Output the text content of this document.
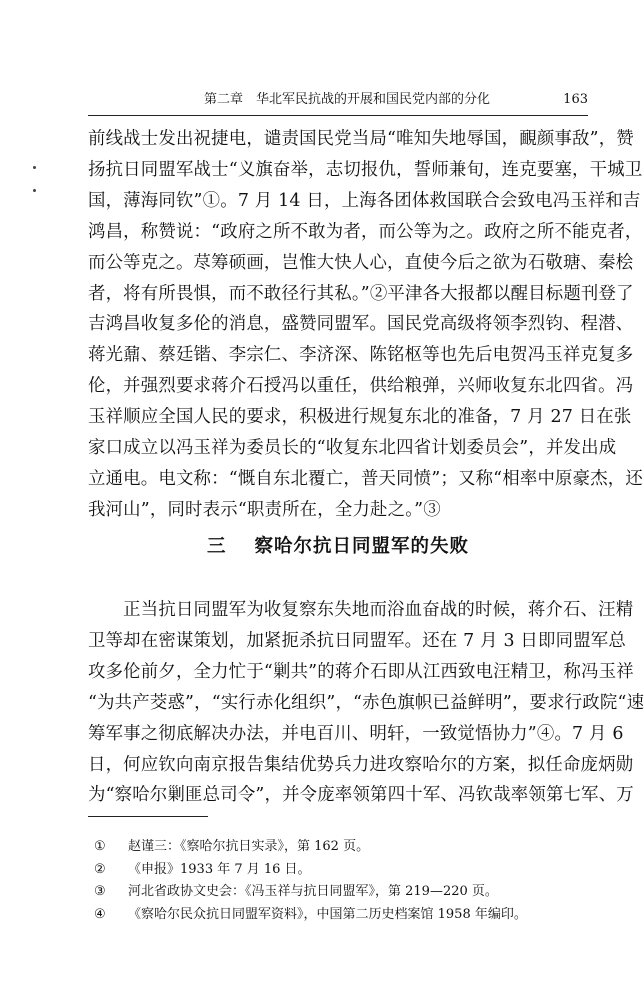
第二章　华北军民抗战的开展和国民党内部的分化	163

前线战士发出祝捷电，谴责国民党当局“唯知失地辱国，靦颜事敌”，赞

扬抗日同盟军战士“义旗奋举，志切报仇，誓师兼旬，连克要塞，干城卫

国，薄海同钦”①。7 月 14 日，上海各团体救国联合会致电冯玉祥和吉

鸿昌，称赞说：“政府之所不敢为者，而公等为之。政府之所不能克者，

而公等克之。荩筹硕画，岂惟大快人心，直使今后之欲为石敬瑭、秦桧

者，将有所畏惧，而不敢径行其私。”②平津各大报都以醒目标题刊登了

吉鸿昌收复多伦的消息，盛赞同盟军。国民党高级将领李烈钧、程潜、

蒋光鼐、蔡廷锴、李宗仁、李济深、陈铭枢等也先后电贺冯玉祥克复多

伦，并强烈要求蒋介石授冯以重任，供给粮弹，兴师收复东北四省。冯

玉祥顺应全国人民的要求，积极进行规复东北的准备，7 月 27 日在张

家口成立以冯玉祥为委员长的“收复东北四省计划委员会”，并发出成

立通电。电文称：“慨自东北覆亡，普天同愤”；又称“相率中原豪杰，还

我河山”，同时表示“职责所在，全力赴之。”③

三 察哈尔抗日同盟军的失败

　　正当抗日同盟军为收复察东失地而浴血奋战的时候，蒋介石、汪精

卫等却在密谋策划，加紧扼杀抗日同盟军。还在 7 月 3 日即同盟军总

攻多伦前夕，全力忙于“剿共”的蒋介石即从江西致电汪精卫，称冯玉祥

“为共产茭惑”，“实行赤化组织”，“赤色旗帜已益鲜明”，要求行政院“速

筹军事之彻底解决办法，并电百川、明轩，一致觉悟协力”④。7 月 6

日，何应钦向南京报告集结优势兵力进攻察哈尔的方案，拟任命庞炳勋

为“察哈尔剿匪总司令”，并令庞率领第四十军、冯钦哉率领第七军、万

① 赵谨三：《察哈尔抗日实录》，第 162 页。
② 《申报》1933 年 7 月 16 日。
③ 河北省政协文史会：《冯玉祥与抗日同盟军》，第 219—220 页。
④ 《察哈尔民众抗日同盟军资料》，中国第二历史档案馆 1958 年编印。
